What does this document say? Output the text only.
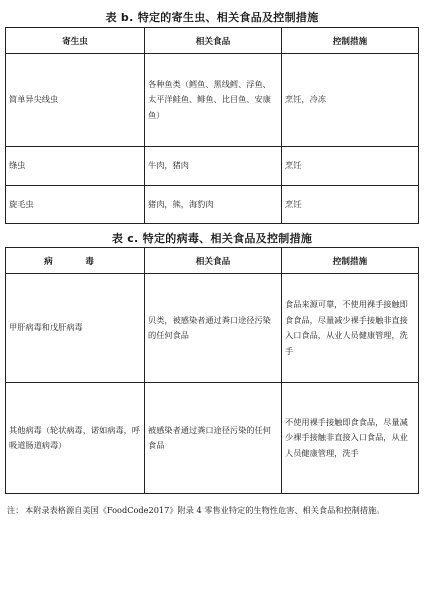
表 b. 特定的寄生虫、相关食品及控制措施
寄生虫	相关食品	控制措施
简单异尖线虫	各种鱼类（鳕鱼、黑线鳕、浮鱼、太平洋鲑鱼、鲱鱼、比目鱼、安康鱼）	烹饪，冷冻
绦虫	牛肉，猪肉	烹饪
旋毛虫	猪肉，熊，海豹肉	烹饪
表 c. 特定的病毒、相关食品及控制措施
病　毒	相关食品	控制措施
甲肝病毒和戊肝病毒	贝类，被感染者通过粪口途径污染的任何食品	食品来源可靠，不使用裸手接触即食食品，尽量减少裸手接触非直接入口食品，从业人员健康管理，洗手
其他病毒（轮状病毒，诺如病毒，呼吸道肠道病毒）	被感染者通过粪口途径污染的任何食品	不使用裸手接触即食食品，尽量减少裸手接触非直接入口食品，从业人员健康管理，洗手
注： 本附录表格源自美国《FoodCode2017》附录 4 零售业特定的生物性危害、相关食品和控制措施。
